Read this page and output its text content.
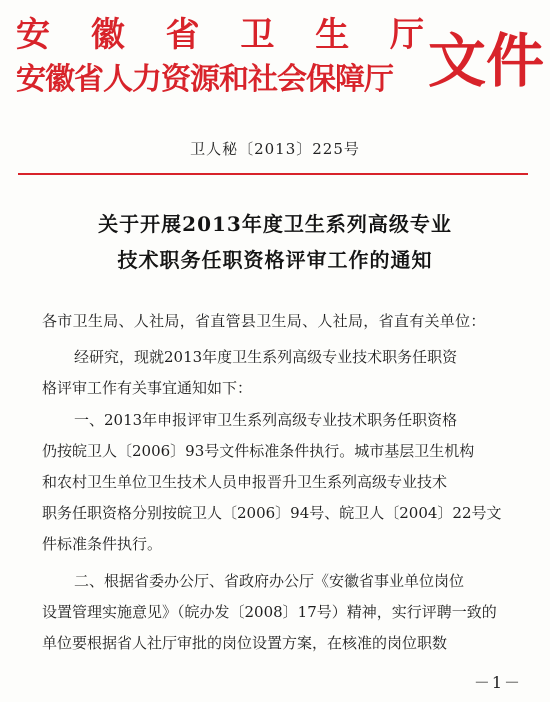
安 徽 省 卫 生 厅
安徽省人力资源和社会保障厅 文件
卫人秘〔2013〕225号
关于开展2013年度卫生系列高级专业
技术职务任职资格评审工作的通知
各市卫生局、人社局，省直管县卫生局、人社局，省直有关单位：
经研究，现就2013年度卫生系列高级专业技术职务任职资
格评审工作有关事宜通知如下：
一、2013年申报评审卫生系列高级专业技术职务任职资格
仍按皖卫人〔2006〕93号文件标准条件执行。城市基层卫生机构
和农村卫生单位卫生技术人员申报晋升卫生系列高级专业技术
职务任职资格分别按皖卫人〔2006〕94号、皖卫人〔2004〕22号文
件标准条件执行。
二、根据省委办公厅、省政府办公厅《安徽省事业单位岗位
设置管理实施意见》（皖办发〔2008〕17号）精神，实行评聘一致的
单位要根据省人社厅审批的岗位设置方案，在核准的岗位职数
－1－
